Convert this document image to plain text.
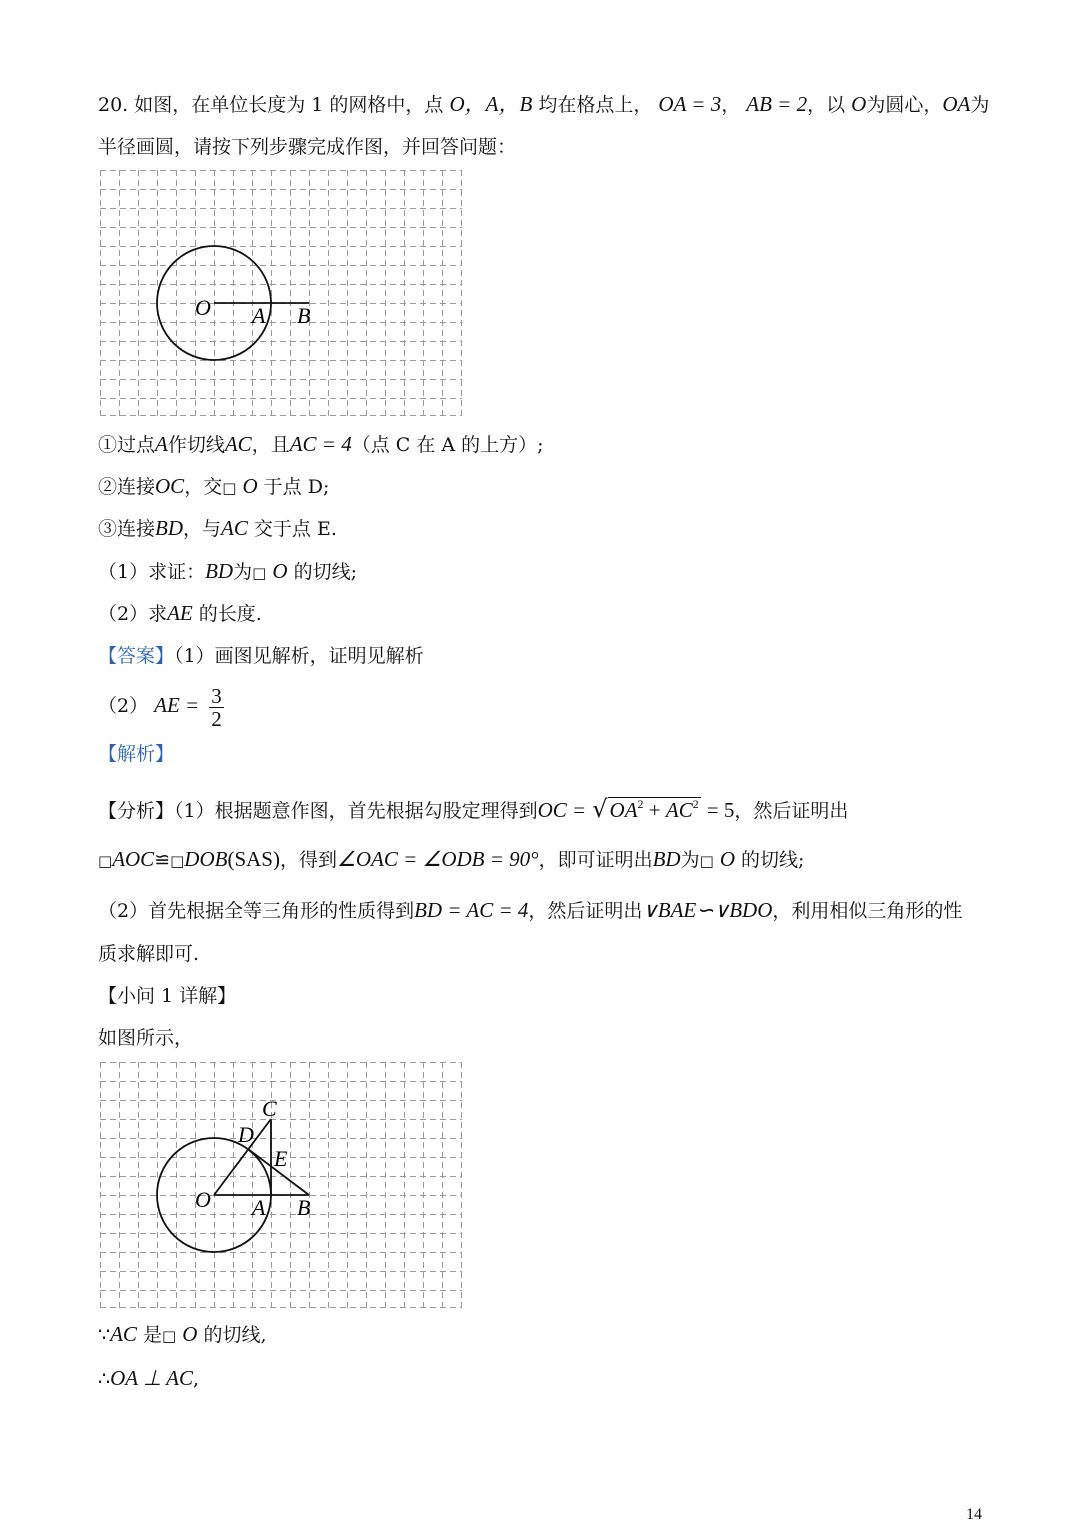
20. 如图，在单位长度为 1 的网格中，点 O，A，B 均在格点上， OA = 3， AB = 2，以 O为圆心，OA为
半径画圆，请按下列步骤完成作图，并回答问题：
O A B
①过点A作切线AC，且AC = 4（点 C 在 A 的上方）;
②连接OC，交□ O 于点 D;
③连接BD，与AC 交于点 E.
（1）求证：BD为□ O 的切线;
（2）求AE 的长度.
【答案】（1）画图见解析，证明见解析
（2） AE = $\frac{3}{2}$
【解析】
【分析】（1）根据题意作图，首先根据勾股定理得到OC = $√OA^2 + AC^2 = 5$，然后证明出
□AOC≌□DOB(SAS)，得到∠OAC = ∠ODB = 90°，即可证明出BD为□ O 的切线;
（2）首先根据全等三角形的性质得到BD = AC = 4，然后证明出∨BAE∽∨BDO，利用相似三角形的性
质求解即可.
【小问 1 详解】
如图所示，
C
D
E
O A B
∵AC 是□ O 的切线,
∴OA ⊥ AC,
14
